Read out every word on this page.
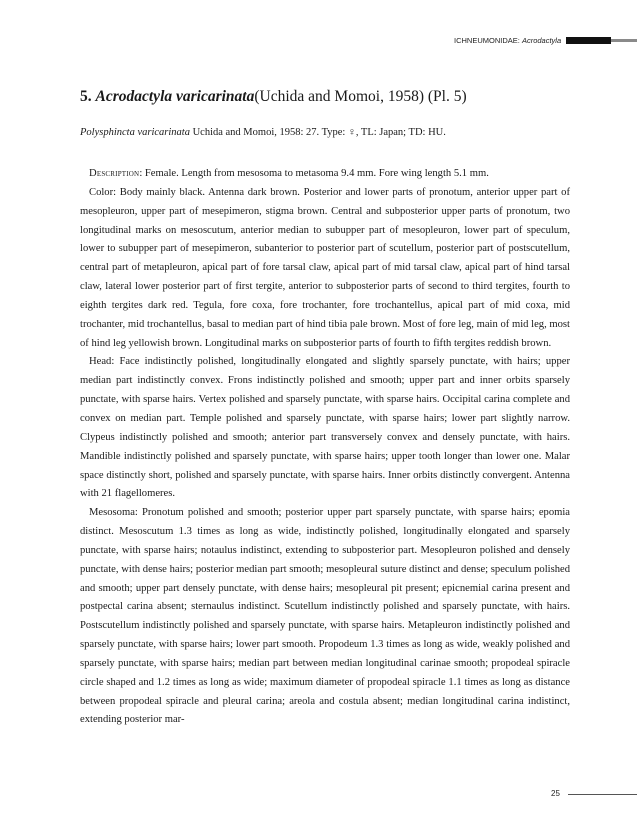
ICHNEUMONIDAE: Acrodactyla
5. Acrodactyla varicarinata(Uchida and Momoi, 1958) (Pl. 5)
Polysphincta varicarinata Uchida and Momoi, 1958: 27. Type: ♀, TL: Japan; TD: HU.

Description: Female. Length from mesosoma to metasoma 9.4 mm. Fore wing length 5.1 mm.

Color: Body mainly black. Antenna dark brown. Posterior and lower parts of pronotum, anterior upper part of mesopleuron, upper part of mesepimeron, stigma brown. Central and subposterior upper parts of pronotum, two longitudinal marks on mesoscutum, anterior median to subupper part of mesopleuron, lower part of speculum, lower to subupper part of mesepimeron, subanterior to posterior part of scutellum, posterior part of postscutellum, central part of metapleuron, apical part of fore tarsal claw, apical part of mid tarsal claw, apical part of hind tarsal claw, lateral lower posterior part of first tergite, anterior to subposterior parts of second to third tergites, fourth to eighth tergites dark red. Tegula, fore coxa, fore trochanter, fore trochantellus, apical part of mid coxa, mid trochanter, mid trochantellus, basal to median part of hind tibia pale brown. Most of fore leg, main of mid leg, most of hind leg yellowish brown. Longitudinal marks on subposterior parts of fourth to fifth tergites reddish brown.

Head: Face indistinctly polished, longitudinally elongated and slightly sparsely punctate, with hairs; upper median part indistinctly convex. Frons indistinctly polished and smooth; upper part and inner orbits sparsely punctate, with sparse hairs. Vertex polished and sparsely punctate, with sparse hairs. Occipital carina complete and convex on median part. Temple polished and sparsely punctate, with sparse hairs; lower part slightly narrow. Clypeus indistinctly polished and smooth; anterior part transversely convex and densely punctate, with hairs. Mandible indistinctly polished and sparsely punctate, with sparse hairs; upper tooth longer than lower one. Malar space distinctly short, polished and sparsely punctate, with sparse hairs. Inner orbits distinctly convergent. Antenna with 21 flagellomeres.

Mesosoma: Pronotum polished and smooth; posterior upper part sparsely punctate, with sparse hairs; epomia distinct. Mesoscutum 1.3 times as long as wide, indistinctly polished, longitudinally elongated and sparsely punctate, with sparse hairs; notaulus indistinct, extending to subposterior part. Mesopleuron polished and densely punctate, with dense hairs; posterior median part smooth; mesopleural suture distinct and dense; speculum polished and smooth; upper part densely punctate, with dense hairs; mesopleural pit present; epicnemial carina present and postpectal carina absent; sternaulus indistinct. Scutellum indistinctly polished and sparsely punctate, with hairs. Postscutellum indistinctly polished and sparsely punctate, with sparse hairs. Metapleuron indistinctly polished and sparsely punctate, with sparse hairs; lower part smooth. Propodeum 1.3 times as long as wide, weakly polished and sparsely punctate, with sparse hairs; median part between median longitudinal carinae smooth; propodeal spiracle circle shaped and 1.2 times as long as wide; maximum diameter of propodeal spiracle 1.1 times as long as distance between propodeal spiracle and pleural carina; areola and costula absent; median longitudinal carina indistinct, extending posterior mar-

25
